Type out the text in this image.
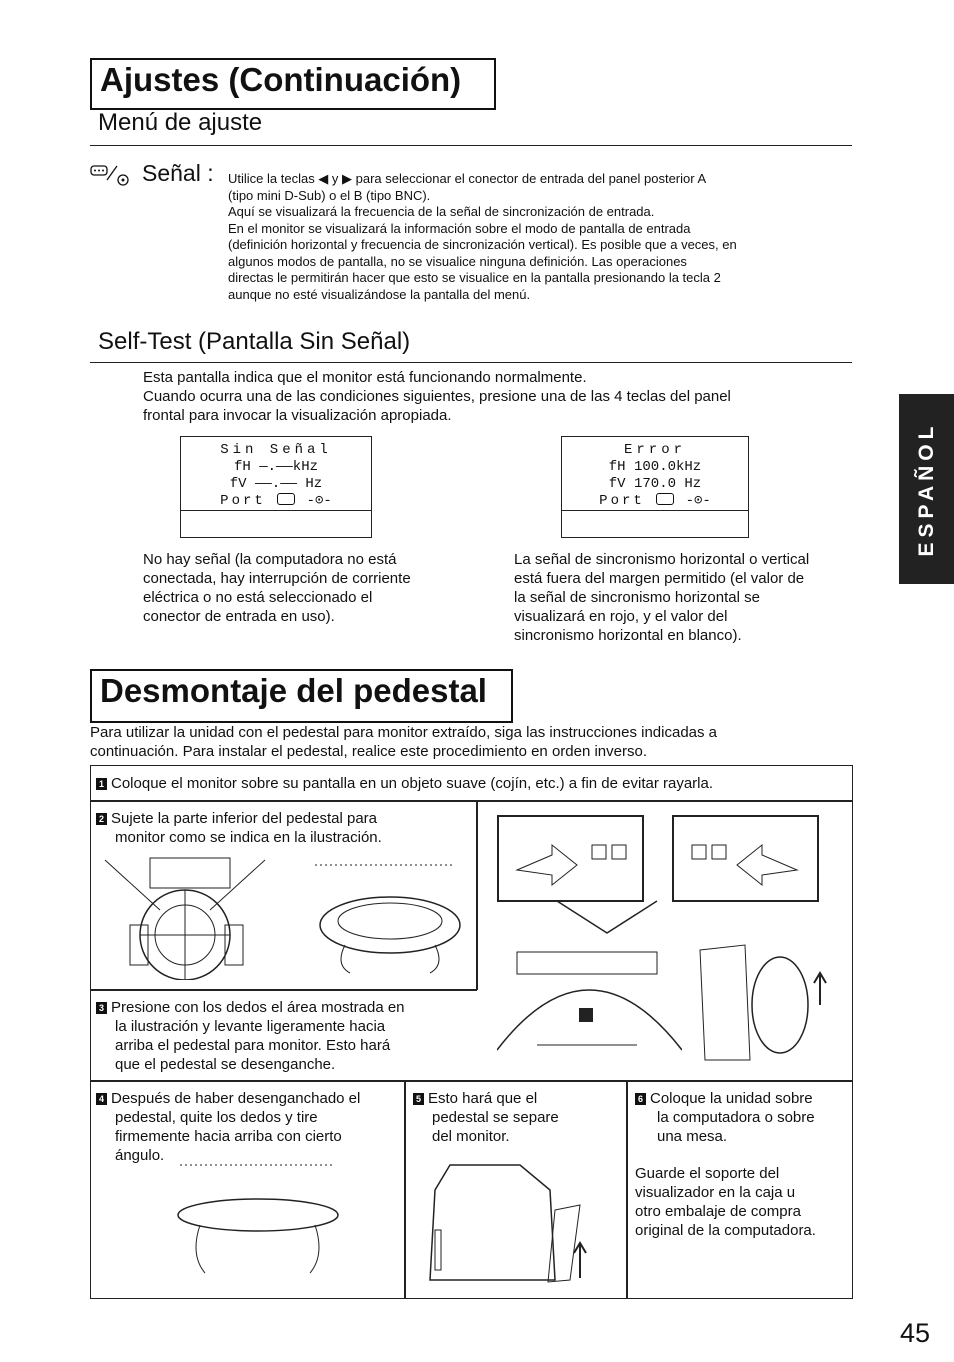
Ajustes (Continuación)
Menú de ajuste
Señal : Utilice la teclas ◀ y ▶ para seleccionar el conector de entrada del panel posterior A
(tipo mini D-Sub) o el B (tipo BNC).
Aquí se visualizará la frecuencia de la señal de sincronización de entrada.
En el monitor se visualizará la información sobre el modo de pantalla de entrada
(definición horizontal y frecuencia de sincronización vertical). Es posible que a veces, en
algunos modos de pantalla, no se visualice ninguna definición. Las operaciones
directas le permitirán hacer que esto se visualice en la pantalla presionando la tecla 2
aunque no esté visualizándose la pantalla del menú.
Self-Test (Pantalla Sin Señal)
Esta pantalla indica que el monitor está funcionando normalmente.
Cuando ocurra una de las condiciones siguientes, presione una de las 4 teclas del panel
frontal para invocar la visualización apropiada.
Sin Señal
fH —.——kHz
fV ——.—— Hz
Port	-⊙-
Error
fH 100.0kHz
fV 170.0 Hz
Port	-⊙-
No hay señal (la computadora no está
conectada, hay interrupción de corriente
eléctrica o no está seleccionado el
conector de entrada en uso).
La señal de sincronismo horizontal o vertical
está fuera del margen permitido (el valor de
la señal de sincronismo horizontal se
visualizará en rojo, y el valor del
sincronismo horizontal en blanco).
ESPAÑOL
Desmontaje del pedestal
Para utilizar la unidad con el pedestal para monitor extraído, siga las instrucciones indicadas a
continuación. Para instalar el pedestal, realice este procedimiento en orden inverso.
1 Coloque el monitor sobre su pantalla en un objeto suave (cojín, etc.) a fin de evitar rayarla.
2 Sujete la parte inferior del pedestal para
monitor como se indica en la ilustración.
3 Presione con los dedos el área mostrada en
la ilustración y levante ligeramente hacia
arriba el pedestal para monitor. Esto hará
que el pedestal se desenganche.
4 Después de haber desenganchado el
pedestal, quite los dedos y tire
firmemente hacia arriba con cierto
ángulo.
5 Esto hará que el
pedestal se separe
del monitor.
6 Coloque la unidad sobre
la computadora o sobre
una mesa.
Guarde el soporte del
visualizador en la caja u
otro embalaje de compra
original de la computadora.
45
